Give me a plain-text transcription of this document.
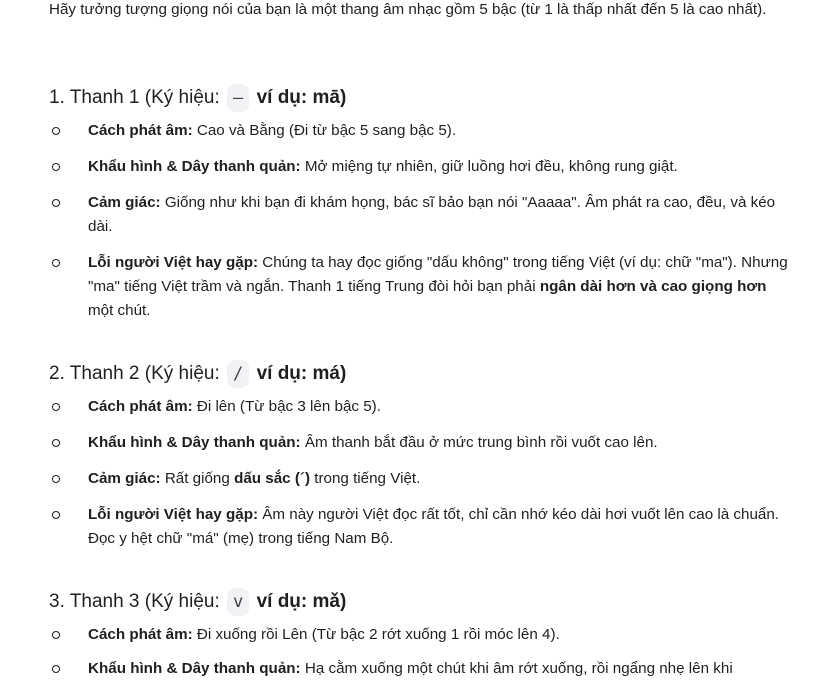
Hãy tưởng tượng giọng nói của bạn là một thang âm nhạc gồm 5 bậc (từ 1 là thấp nhất đến 5 là cao nhất).

1. Thanh 1 (Ký hiệu: – ví dụ: mā)
Cách phát âm: Cao và Bằng (Đi từ bậc 5 sang bậc 5).
Khẩu hình & Dây thanh quản: Mở miệng tự nhiên, giữ luồng hơi đều, không rung giật.
Cảm giác: Giống như khi bạn đi khám họng, bác sĩ bảo bạn nói "Aaaaa". Âm phát ra cao, đều, và kéo dài.
Lỗi người Việt hay gặp: Chúng ta hay đọc giống "dấu không" trong tiếng Việt (ví dụ: chữ "ma"). Nhưng "ma" tiếng Việt trầm và ngắn. Thanh 1 tiếng Trung đòi hỏi bạn phải ngân dài hơn và cao giọng hơn một chút.
2. Thanh 2 (Ký hiệu: / ví dụ: má)
Cách phát âm: Đi lên (Từ bậc 3 lên bậc 5).
Khẩu hình & Dây thanh quản: Âm thanh bắt đầu ở mức trung bình rồi vuốt cao lên.
Cảm giác: Rất giống dấu sắc (´) trong tiếng Việt.
Lỗi người Việt hay gặp: Âm này người Việt đọc rất tốt, chỉ cần nhớ kéo dài hơi vuốt lên cao là chuẩn. Đọc y hệt chữ "má" (mẹ) trong tiếng Nam Bộ.
3. Thanh 3 (Ký hiệu: v ví dụ: mǎ)
Cách phát âm: Đi xuống rồi Lên (Từ bậc 2 rớt xuống 1 rồi móc lên 4).
Khẩu hình & Dây thanh quản: Hạ cằm xuống một chút khi âm rớt xuống, rồi ngẩng nhẹ lên khi
